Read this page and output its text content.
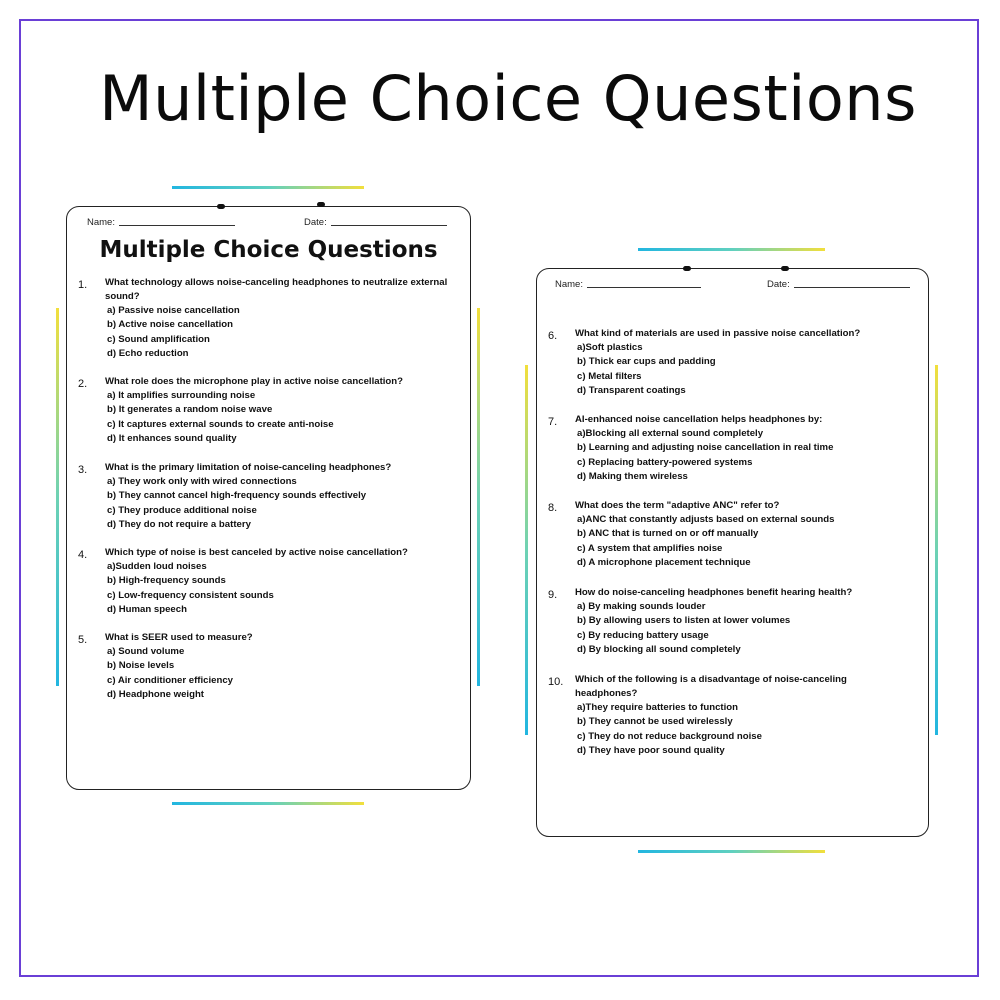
Multiple Choice Questions
Name:	Date:
Multiple Choice Questions
1. What technology allows noise-canceling headphones to neutralize external sound?
a) Passive noise cancellation
b) Active noise cancellation
c) Sound amplification
d) Echo reduction
2. What role does the microphone play in active noise cancellation?
a) It amplifies surrounding noise
b) It generates a random noise wave
c) It captures external sounds to create anti-noise
d) It enhances sound quality
3. What is the primary limitation of noise-canceling headphones?
a) They work only with wired connections
b) They cannot cancel high-frequency sounds effectively
c) They produce additional noise
d) They do not require a battery
4. Which type of noise is best canceled by active noise cancellation?
a)Sudden loud noises
b) High-frequency sounds
c) Low-frequency consistent sounds
d) Human speech
5. What is SEER used to measure?
a) Sound volume
b) Noise levels
c) Air conditioner efficiency
d) Headphone weight
Name:	Date:
6. What kind of materials are used in passive noise cancellation?
a)Soft plastics
b) Thick ear cups and padding
c) Metal filters
d) Transparent coatings
7. AI-enhanced noise cancellation helps headphones by:
a)Blocking all external sound completely
b) Learning and adjusting noise cancellation in real time
c) Replacing battery-powered systems
d) Making them wireless
8. What does the term "adaptive ANC" refer to?
a)ANC that constantly adjusts based on external sounds
b) ANC that is turned on or off manually
c) A system that amplifies noise
d) A microphone placement technique
9. How do noise-canceling headphones benefit hearing health?
a) By making sounds louder
b) By allowing users to listen at lower volumes
c) By reducing battery usage
d) By blocking all sound completely
10. Which of the following is a disadvantage of noise-canceling headphones?
a)They require batteries to function
b) They cannot be used wirelessly
c) They do not reduce background noise
d) They have poor sound quality
